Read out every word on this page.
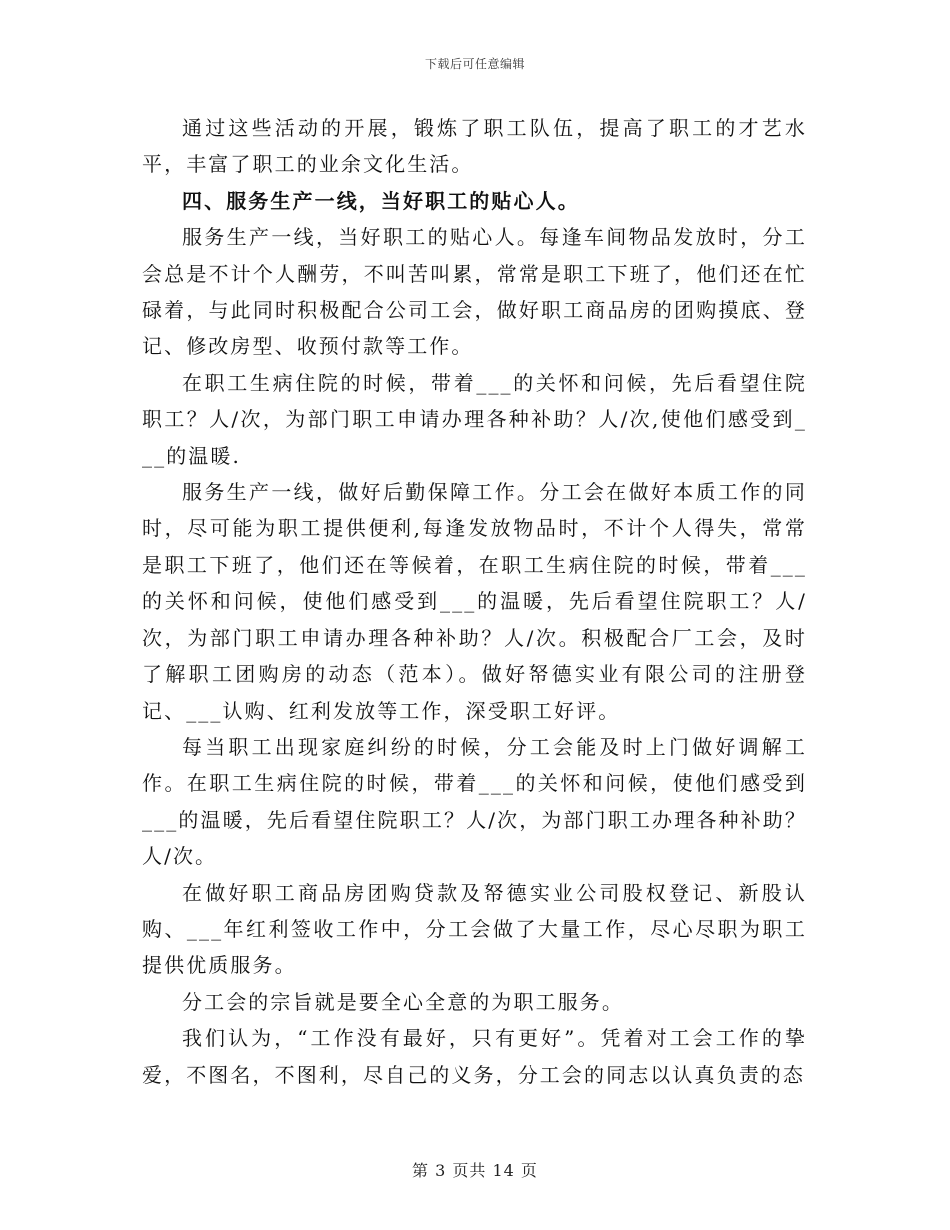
下载后可任意编辑

通过这些活动的开展，锻炼了职工队伍，提高了职工的才艺水平，丰富了职工的业余文化生活。

四、服务生产一线，当好职工的贴心人。

服务生产一线，当好职工的贴心人。每逢车间物品发放时，分工会总是不计个人酬劳，不叫苦叫累，常常是职工下班了，他们还在忙碌着，与此同时积极配合公司工会，做好职工商品房的团购摸底、登记、修改房型、收预付款等工作。

在职工生病住院的时候，带着___的关怀和问候，先后看望住院职工？人/次，为部门职工申请办理各种补助？人/次,使他们感受到___的温暖.

服务生产一线，做好后勤保障工作。分工会在做好本质工作的同时，尽可能为职工提供便利,每逢发放物品时，不计个人得失，常常是职工下班了，他们还在等候着，在职工生病住院的时候，带着___的关怀和问候，使他们感受到___的温暖，先后看望住院职工？人/次，为部门职工申请办理各种补助？人/次。积极配合厂工会，及时了解职工团购房的动态（范本）。做好帑德实业有限公司的注册登记、___认购、红利发放等工作，深受职工好评。

每当职工出现家庭纠纷的时候，分工会能及时上门做好调解工作。在职工生病住院的时候，带着___的关怀和问候，使他们感受到___的温暖，先后看望住院职工？人/次，为部门职工办理各种补助？人/次。

在做好职工商品房团购贷款及帑德实业公司股权登记、新股认购、___年红利签收工作中，分工会做了大量工作，尽心尽职为职工提供优质服务。

分工会的宗旨就是要全心全意的为职工服务。

我们认为，“工作没有最好，只有更好”。凭着对工会工作的挚爱，不图名，不图利，尽自己的义务，分工会的同志以认真负责的态

第 3 页共 14 页
